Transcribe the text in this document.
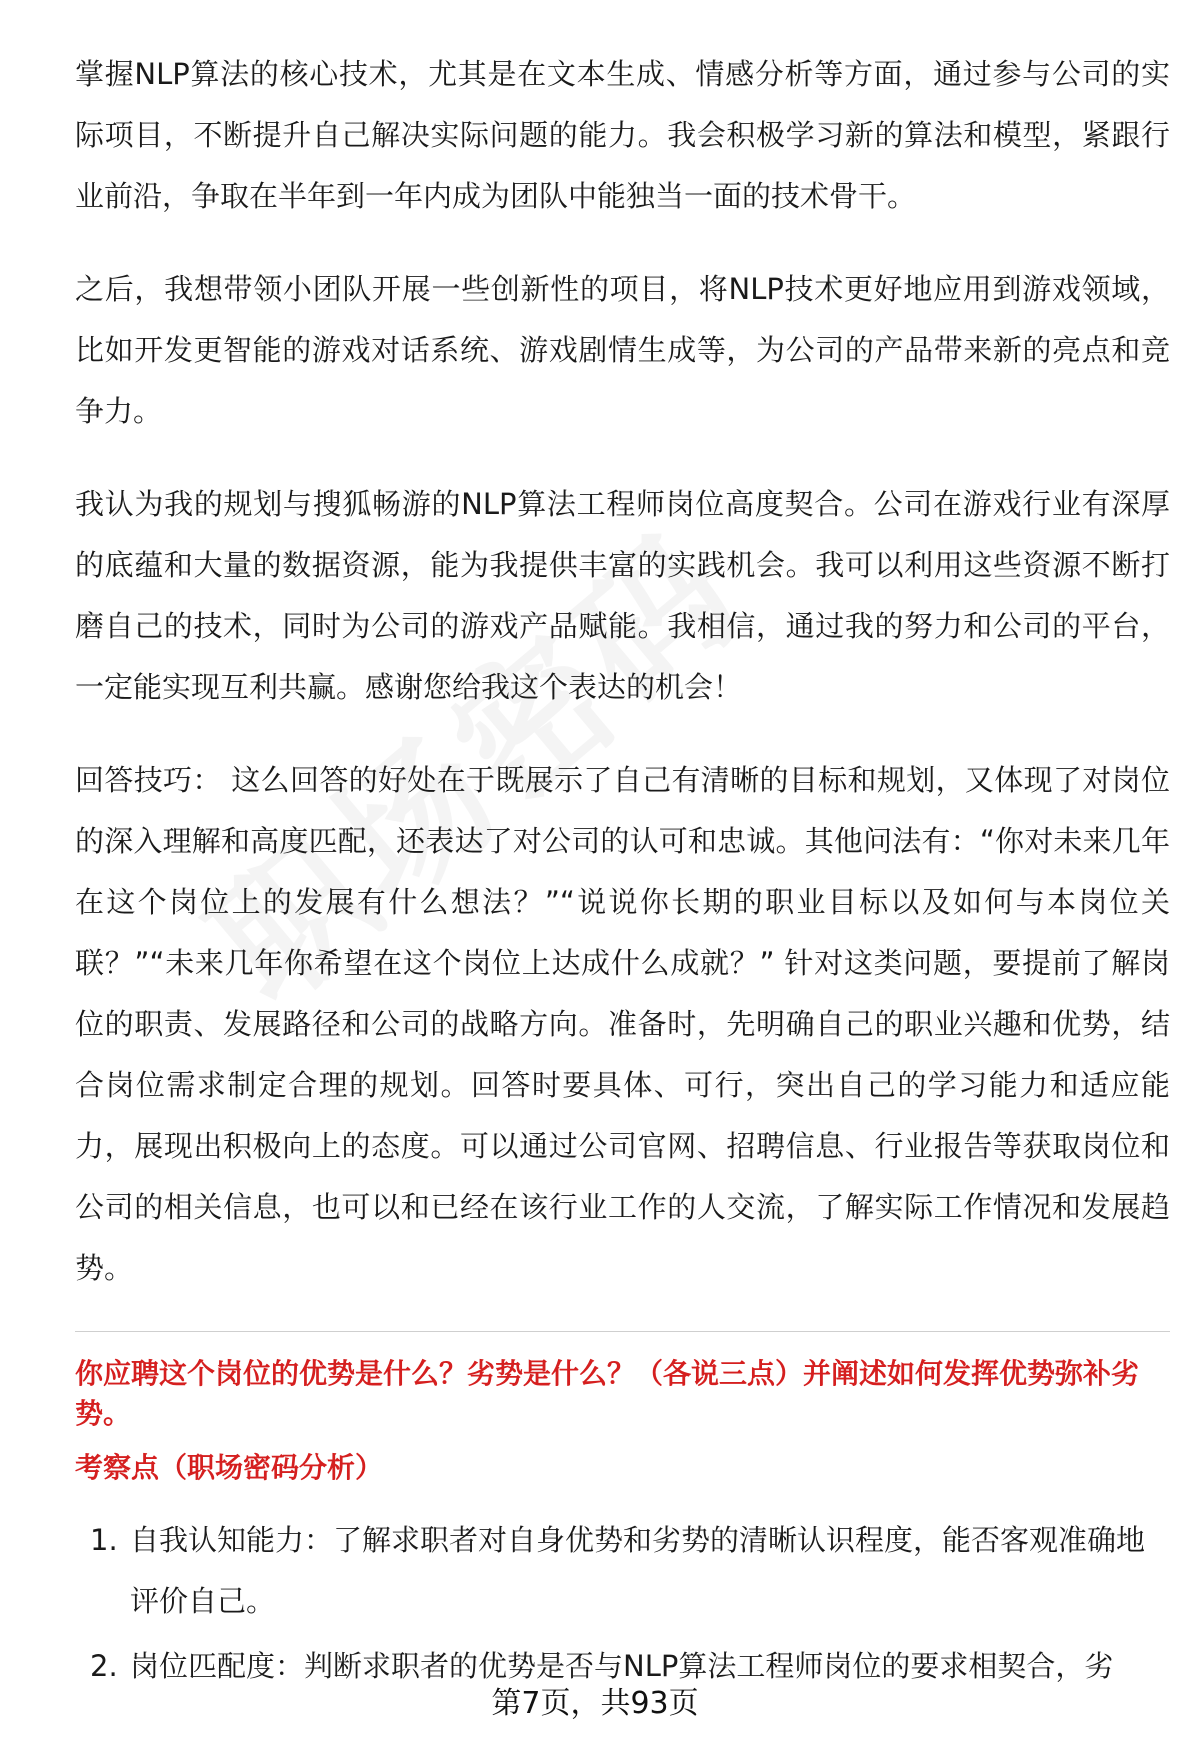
掌握NLP算法的核心技术，尤其是在文本生成、情感分析等方面，通过参与公司的实际项目，不断提升自己解决实际问题的能力。我会积极学习新的算法和模型，紧跟行业前沿，争取在半年到一年内成为团队中能独当一面的技术骨干。

之后，我想带领小团队开展一些创新性的项目，将NLP技术更好地应用到游戏领域，比如开发更智能的游戏对话系统、游戏剧情生成等，为公司的产品带来新的亮点和竞争力。

我认为我的规划与搜狐畅游的NLP算法工程师岗位高度契合。公司在游戏行业有深厚的底蕴和大量的数据资源，能为我提供丰富的实践机会。我可以利用这些资源不断打磨自己的技术，同时为公司的游戏产品赋能。我相信，通过我的努力和公司的平台，一定能实现互利共赢。感谢您给我这个表达的机会！

回答技巧： 这么回答的好处在于既展示了自己有清晰的目标和规划，又体现了对岗位的深入理解和高度匹配，还表达了对公司的认可和忠诚。其他问法有：“你对未来几年在这个岗位上的发展有什么想法？”“说说你长期的职业目标以及如何与本岗位关联？”“未来几年你希望在这个岗位上达成什么成就？” 针对这类问题，要提前了解岗位的职责、发展路径和公司的战略方向。准备时，先明确自己的职业兴趣和优势，结合岗位需求制定合理的规划。回答时要具体、可行，突出自己的学习能力和适应能力，展现出积极向上的态度。可以通过公司官网、招聘信息、行业报告等获取岗位和公司的相关信息，也可以和已经在该行业工作的人交流，了解实际工作情况和发展趋势。

你应聘这个岗位的优势是什么？劣势是什么？（各说三点）并阐述如何发挥优势弥补劣势。
考察点（职场密码分析）
1. 自我认知能力：了解求职者对自身优势和劣势的清晰认识程度，能否客观准确地评价自己。
2. 岗位匹配度：判断求职者的优势是否与NLP算法工程师岗位的要求相契合，劣
第7页，共93页
